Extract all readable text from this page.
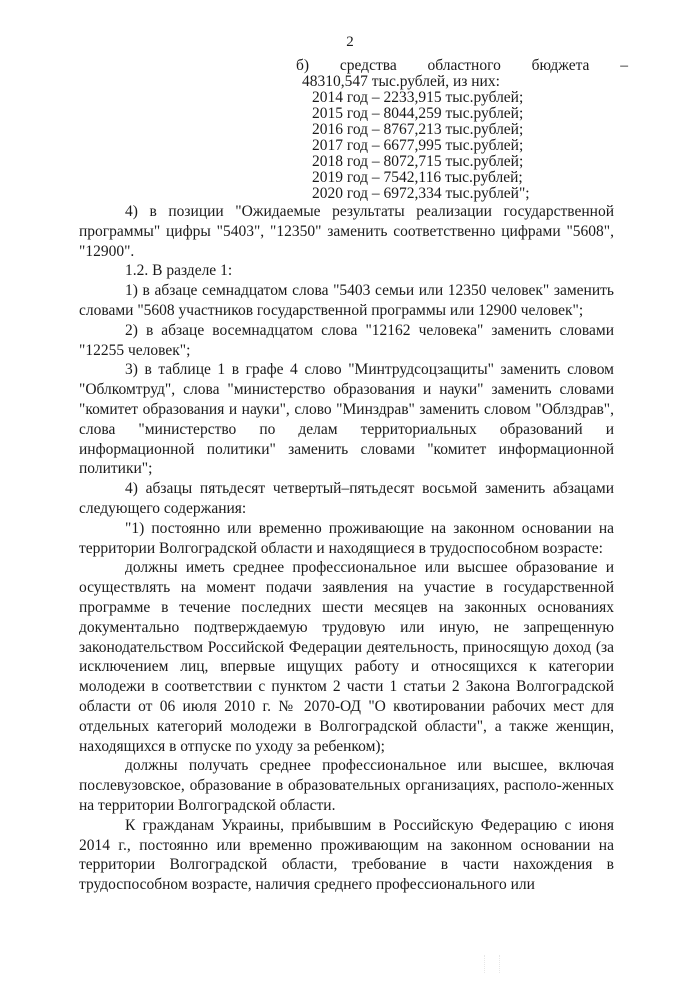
2
б) средства областного бюджета –
48310,547 тыс.рублей, из них:
2014 год – 2233,915 тыс.рублей;
2015 год – 8044,259 тыс.рублей;
2016 год – 8767,213 тыс.рублей;
2017 год – 6677,995 тыс.рублей;
2018 год – 8072,715 тыс.рублей;
2019 год – 7542,116 тыс.рублей;
2020 год – 6972,334 тыс.рублей";

4) в позиции "Ожидаемые результаты реализации государственной программы" цифры "5403", "12350" заменить соответственно цифрами "5608", "12900".

1.2. В разделе 1:

1) в абзаце семнадцатом слова "5403 семьи или 12350 человек" заменить словами "5608 участников государственной программы или 12900 человек";

2) в абзаце восемнадцатом слова "12162 человека" заменить словами "12255 человек";

3) в таблице 1 в графе 4 слово "Минтрудсоцзащиты" заменить словом "Облкомтруд", слова "министерство образования и науки" заменить словами "комитет образования и науки", слово "Минздрав" заменить словом "Облздрав", слова "министерство по делам территориальных образований и информационной политики" заменить словами "комитет информационной политики";

4) абзацы пятьдесят четвертый–пятьдесят восьмой заменить абзацами следующего содержания:

"1) постоянно или временно проживающие на законном основании на территории Волгоградской области и находящиеся в трудоспособном возрасте:

должны иметь среднее профессиональное или высшее образование и осуществлять на момент подачи заявления на участие в государственной программе в течение последних шести месяцев на законных основаниях документально подтверждаемую трудовую или иную, не запрещенную законодательством Российской Федерации деятельность, приносящую доход (за исключением лиц, впервые ищущих работу и относящихся к категории молодежи в соответствии с пунктом 2 части 1 статьи 2 Закона Волгоградской области от 06 июля 2010 г. № 2070-ОД "О квотировании рабочих мест для отдельных категорий молодежи в Волгоградской области", а также женщин, находящихся в отпуске по уходу за ребенком);

должны получать среднее профессиональное или высшее, включая послевузовское, образование в образовательных организациях, располо-женных на территории Волгоградской области.

К гражданам Украины, прибывшим в Российскую Федерацию с июня 2014 г., постоянно или временно проживающим на законном основании на территории Волгоградской области, требование в части нахождения в трудоспособном возрасте, наличия среднего профессионального или
